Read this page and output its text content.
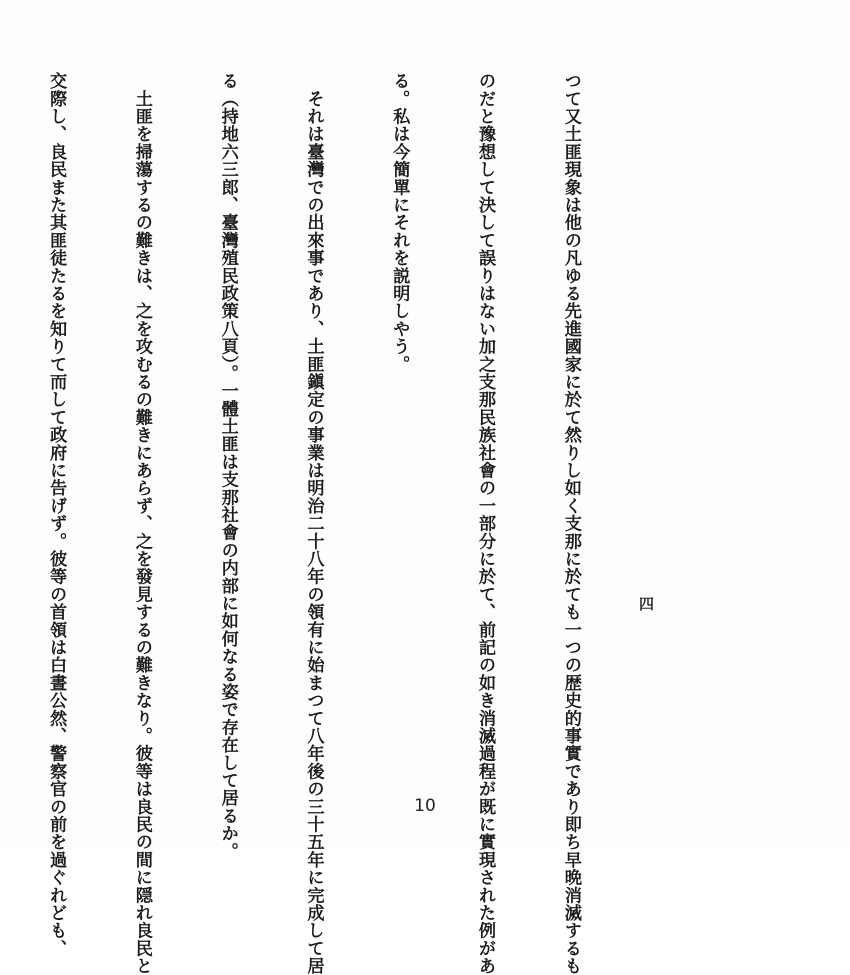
つて又土匪現象は他の凡ゆる先進國家に於て然りし如く支那に於ても一つの歴史的事實であり即ち早晩消滅するも

のだと豫想して決して誤りはない加之支那民族社會の一部分に於て、前記の如き消滅過程が既に實現された例があ

る。私は今簡單にそれを説明しやう。

　それは臺灣での出來事であり、土匪鎭定の事業は明治二十八年の領有に始まつて八年後の三十五年に完成して居

る（持地六三郎、臺灣殖民政策八頁）。一體土匪は支那社會の内部に如何なる姿で存在して居るか。

　土匪を掃蕩するの難きは、之を攻むるの難きにあらず、之を發見するの難きなり。彼等は良民の間に隠れ良民と

交際し、良民また其匪徒たるを知りて而して政府に告げず。彼等の首領は白晝公然、警察官の前を過ぐれども、

	四
10
